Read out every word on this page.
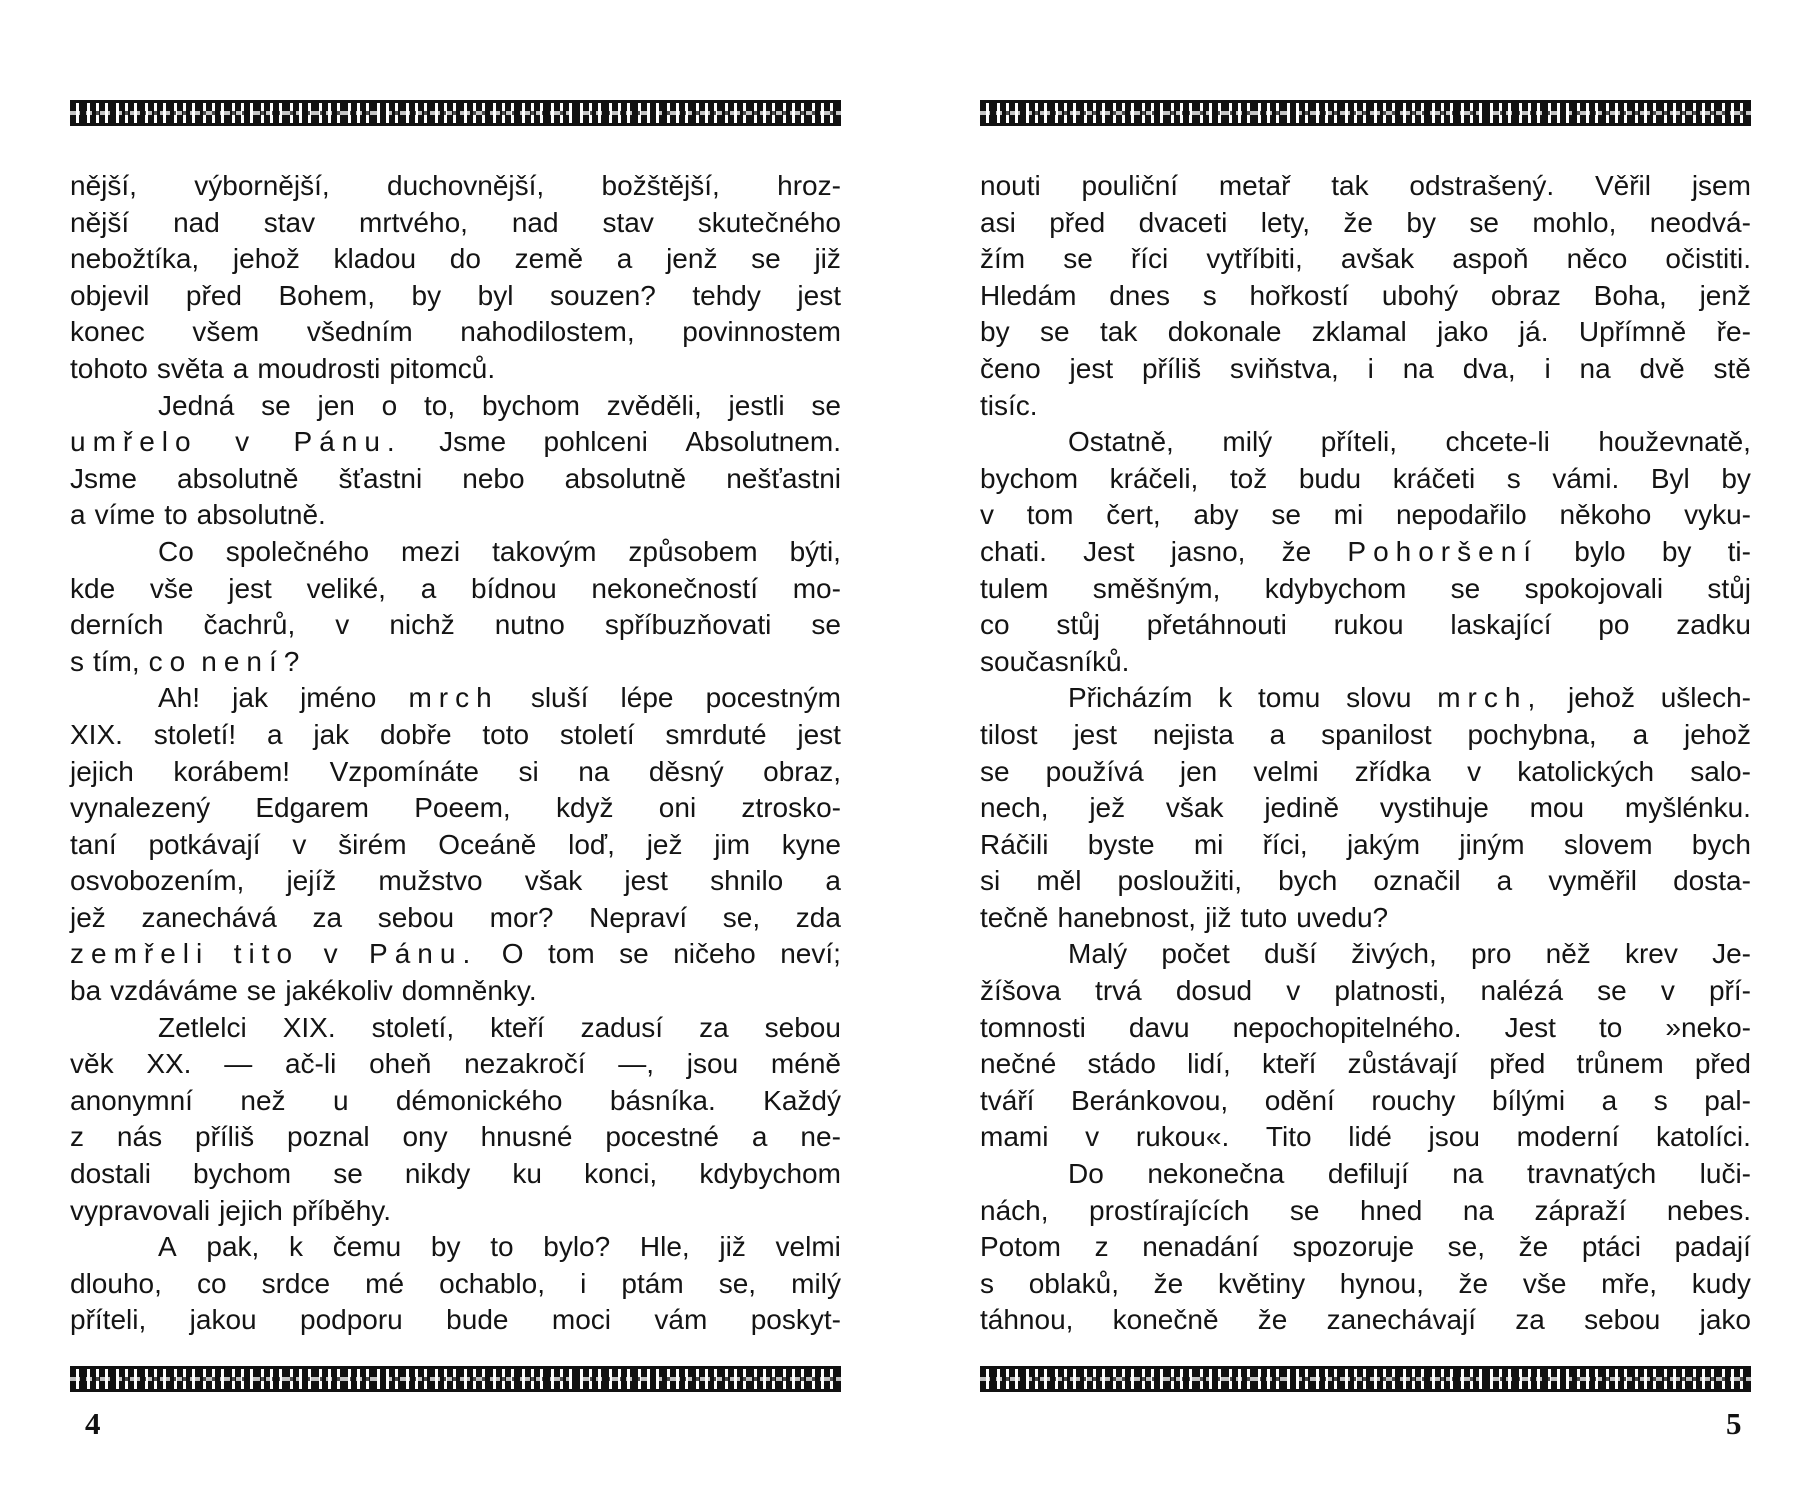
nější, výbornější, duchovnější, božštější, hroz-
nější nad stav mrtvého, nad stav skutečného
nebožtíka, jehož kladou do země a jenž se již
objevil před Bohem, by byl souzen? tehdy jest
konec všem všedním nahodilostem, povinnostem
tohoto světa a moudrosti pitomců.
Jedná se jen o to, bychom zvěděli, jestli se
umřelo v Pánu. Jsme pohlceni Absolutnem.
Jsme absolutně šťastni nebo absolutně nešťastni
a víme to absolutně.
Co společného mezi takovým způsobem býti,
kde vše jest veliké, a bídnou nekonečností mo-
derních čachrů, v nichž nutno spříbuzňovati se
s tím, co není?
Ah! jak jméno mrch sluší lépe pocestným
XIX. století! a jak dobře toto století smrduté jest
jejich korábem! Vzpomínáte si na děsný obraz,
vynalezený Edgarem Poeem, když oni ztrosko-
taní potkávají v širém Oceáně loď, jež jim kyne
osvobozením, jejíž mužstvo však jest shnilo a
jež zanechává za sebou mor? Nepraví se, zda
zemřeli tito v Pánu. O tom se ničeho neví;
ba vzdáváme se jakékoliv domněnky.
Zetlelci XIX. století, kteří zadusí za sebou
věk XX. — ač-li oheň nezakročí —, jsou méně
anonymní než u démonického básníka. Každý
z nás příliš poznal ony hnusné pocestné a ne-
dostali bychom se nikdy ku konci, kdybychom
vypravovali jejich příběhy.
A pak, k čemu by to bylo? Hle, již velmi
dlouho, co srdce mé ochablo, i ptám se, milý
příteli, jakou podporu bude moci vám poskyt-
4
nouti pouliční metař tak odstrašený. Věřil jsem
asi před dvaceti lety, že by se mohlo, neodvá-
žím se říci vytříbiti, avšak aspoň něco očistiti.
Hledám dnes s hořkostí ubohý obraz Boha, jenž
by se tak dokonale zklamal jako já. Upřímně ře-
čeno jest příliš sviňstva, i na dva, i na dvě stě
tisíc.
Ostatně, milý příteli, chcete-li houževnatě,
bychom kráčeli, tož budu kráčeti s vámi. Byl by
v tom čert, aby se mi nepodařilo někoho vyku-
chati. Jest jasno, že Pohoršení bylo by ti-
tulem směšným, kdybychom se spokojovali stůj
co stůj přetáhnouti rukou laskající po zadku
současníků.
Přicházím k tomu slovu mrch, jehož ušlech-
tilost jest nejista a spanilost pochybna, a jehož
se používá jen velmi zřídka v katolických salo-
nech, jež však jedině vystihuje mou myšlénku.
Ráčili byste mi říci, jakým jiným slovem bych
si měl posloužiti, bych označil a vyměřil dosta-
tečně hanebnost, již tuto uvedu?
Malý počet duší živých, pro něž krev Je-
žíšova trvá dosud v platnosti, nalézá se v pří-
tomnosti davu nepochopitelného. Jest to »neko-
nečné stádo lidí, kteří zůstávají před trůnem před
tváří Beránkovou, odění rouchy bílými a s pal-
mami v rukou«. Tito lidé jsou moderní katolíci.
Do nekonečna defilují na travnatých luči-
nách, prostírajících se hned na zápraží nebes.
Potom z nenadání spozoruje se, že ptáci padají
s oblaků, že květiny hynou, že vše mře, kudy
táhnou, konečně že zanechávají za sebou jako
5
